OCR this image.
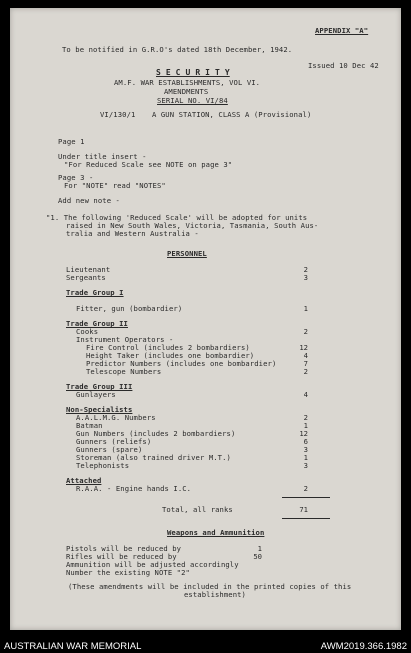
APPENDIX "A"
To be notified in G.R.O's dated 18th December, 1942.
Issued 10 Dec 42
S E C U R I T Y
AM.F. WAR ESTABLISHMENTS, VOL VI.
AMENDMENTS
SERIAL NO. VI/84
VI/130/1 A GUN STATION, CLASS A (Provisional)
Page 1
Under title insert -
"For Reduced Scale see NOTE on page 3"
Page 3 -
For "NOTE" read "NOTES"
Add new note -
"1. The following 'Reduced Scale' will be adopted for units
raised in New South Wales, Victoria, Tasmania, South Aus-
tralia and Western Australia -
PERSONNEL
Lieutenant	2
Sergeants	3
Trade Group I
Fitter, gun (bombardier)	1
Trade Group II
Cooks	2
Instrument Operators -
Fire Control (includes 2 bombardiers)	12
Height Taker (includes one bombardier)	4
Predictor Numbers (includes one bombardier)	7
Telescope Numbers	2
Trade Group III
Gunlayers	4
Non-Specialists
A.A.L.M.G. Numbers	2
Batman	1
Gun Numbers (includes 2 bombardiers)	12
Gunners (reliefs)	6
Gunners (spare)	3
Storeman (also trained driver M.T.)	1
Telephonists	3
Attached
R.A.A. - Engine hands I.C.	2
Total, all ranks	71
Weapons and Ammunition
Pistols will be reduced by	1
Rifles will be reduced by	50
Ammunition will be adjusted accordingly
Number the existing NOTE "2"
(These amendments will be included in the printed copies of this
establishment)
AUSTRALIAN WAR MEMORIAL	AWM2019.366.1982
